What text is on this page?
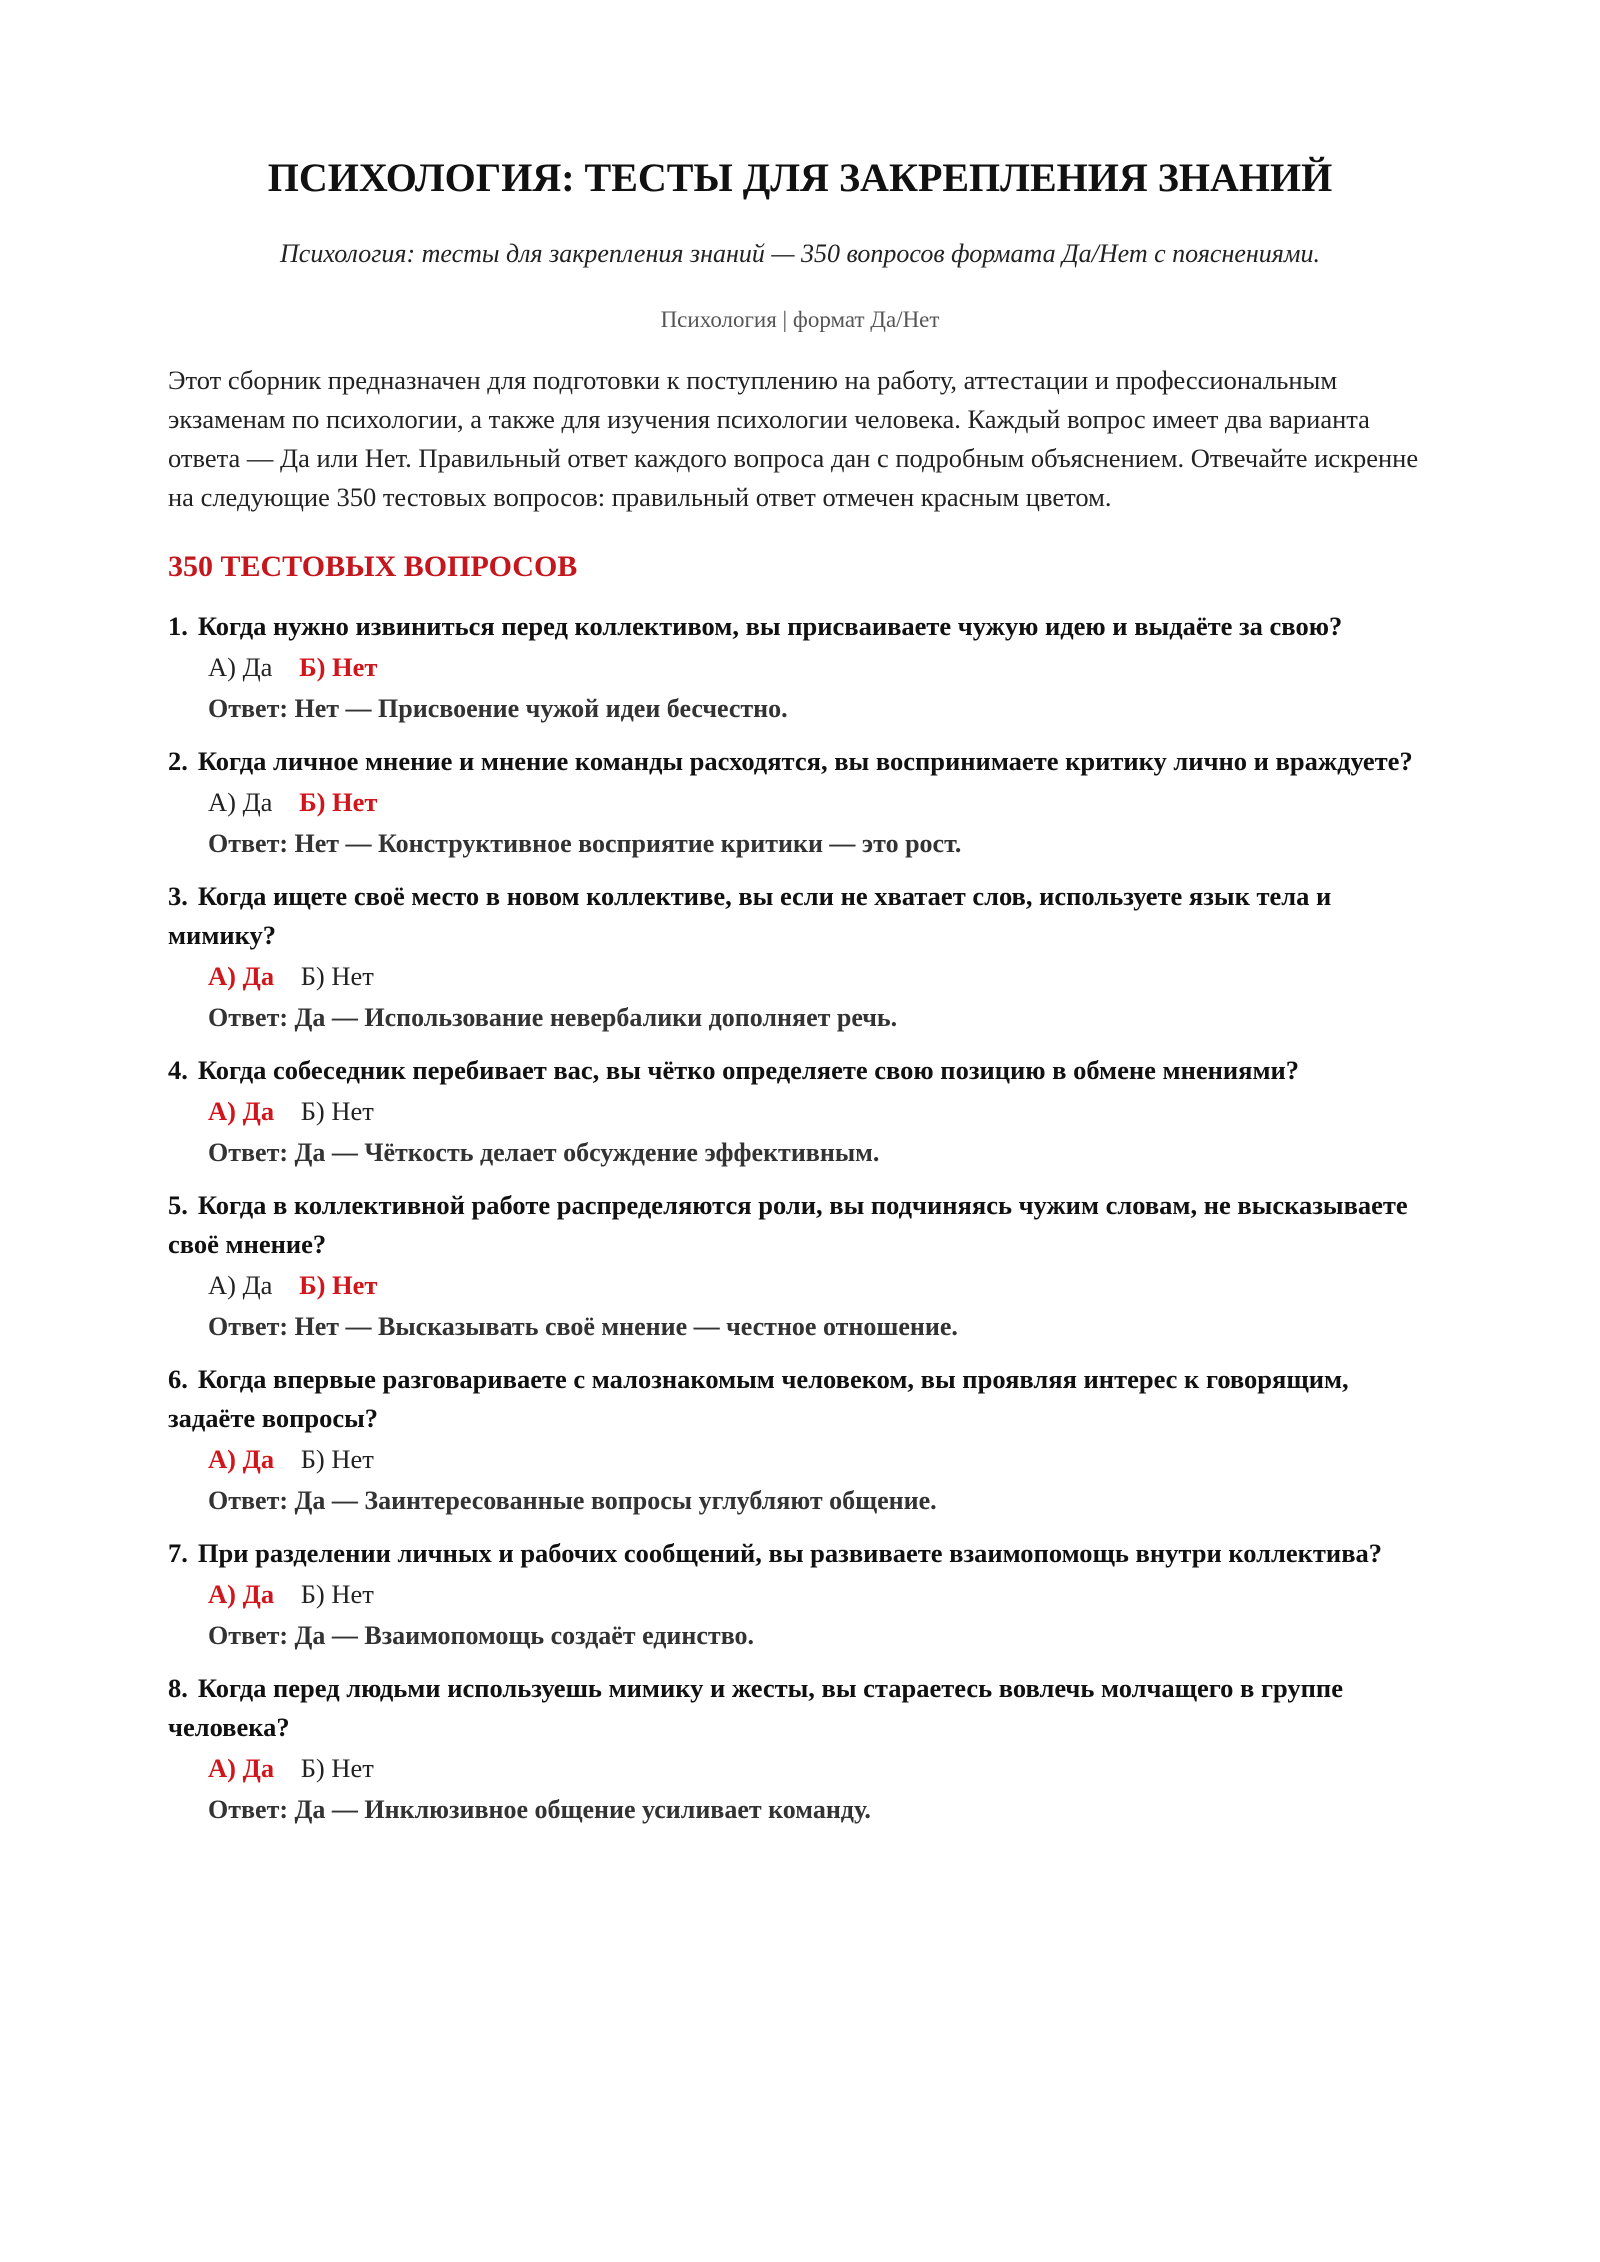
ПСИХОЛОГИЯ: ТЕСТЫ ДЛЯ ЗАКРЕПЛЕНИЯ ЗНАНИЙ

Психология: тесты для закрепления знаний — 350 вопросов формата Да/Нет с пояснениями.

Психология | формат Да/Нет

Этот сборник предназначен для подготовки к поступлению на работу, аттестации и профессиональным экзаменам по психологии, а также для изучения психологии человека. Каждый вопрос имеет два варианта ответа — Да или Нет. Правильный ответ каждого вопроса дан с подробным объяснением. Отвечайте искренне на следующие 350 тестовых вопросов: правильный ответ отмечен красным цветом.

350 ТЕСТОВЫХ ВОПРОСОВ

1. Когда нужно извиниться перед коллективом, вы присваиваете чужую идею и выдаёте за свою?

А) Да Б) Нет
Ответ: Нет — Присвоение чужой идеи бесчестно.

2. Когда личное мнение и мнение команды расходятся, вы воспринимаете критику лично и враждуете?

А) Да Б) Нет
Ответ: Нет — Конструктивное восприятие критики — это рост.

3. Когда ищете своё место в новом коллективе, вы если не хватает слов, используете язык тела и мимику?

А) Да Б) Нет
Ответ: Да — Использование невербалики дополняет речь.

4. Когда собеседник перебивает вас, вы чётко определяете свою позицию в обмене мнениями?

А) Да Б) Нет
Ответ: Да — Чёткость делает обсуждение эффективным.

5. Когда в коллективной работе распределяются роли, вы подчиняясь чужим словам, не высказываете своё мнение?

А) Да Б) Нет
Ответ: Нет — Высказывать своё мнение — честное отношение.

6. Когда впервые разговариваете с малознакомым человеком, вы проявляя интерес к говорящим, задаёте вопросы?

А) Да Б) Нет
Ответ: Да — Заинтересованные вопросы углубляют общение.

7. При разделении личных и рабочих сообщений, вы развиваете взаимопомощь внутри коллектива?

А) Да Б) Нет
Ответ: Да — Взаимопомощь создаёт единство.

8. Когда перед людьми используешь мимику и жесты, вы стараетесь вовлечь молчащего в группе человека?

А) Да Б) Нет
Ответ: Да — Инклюзивное общение усиливает команду.
